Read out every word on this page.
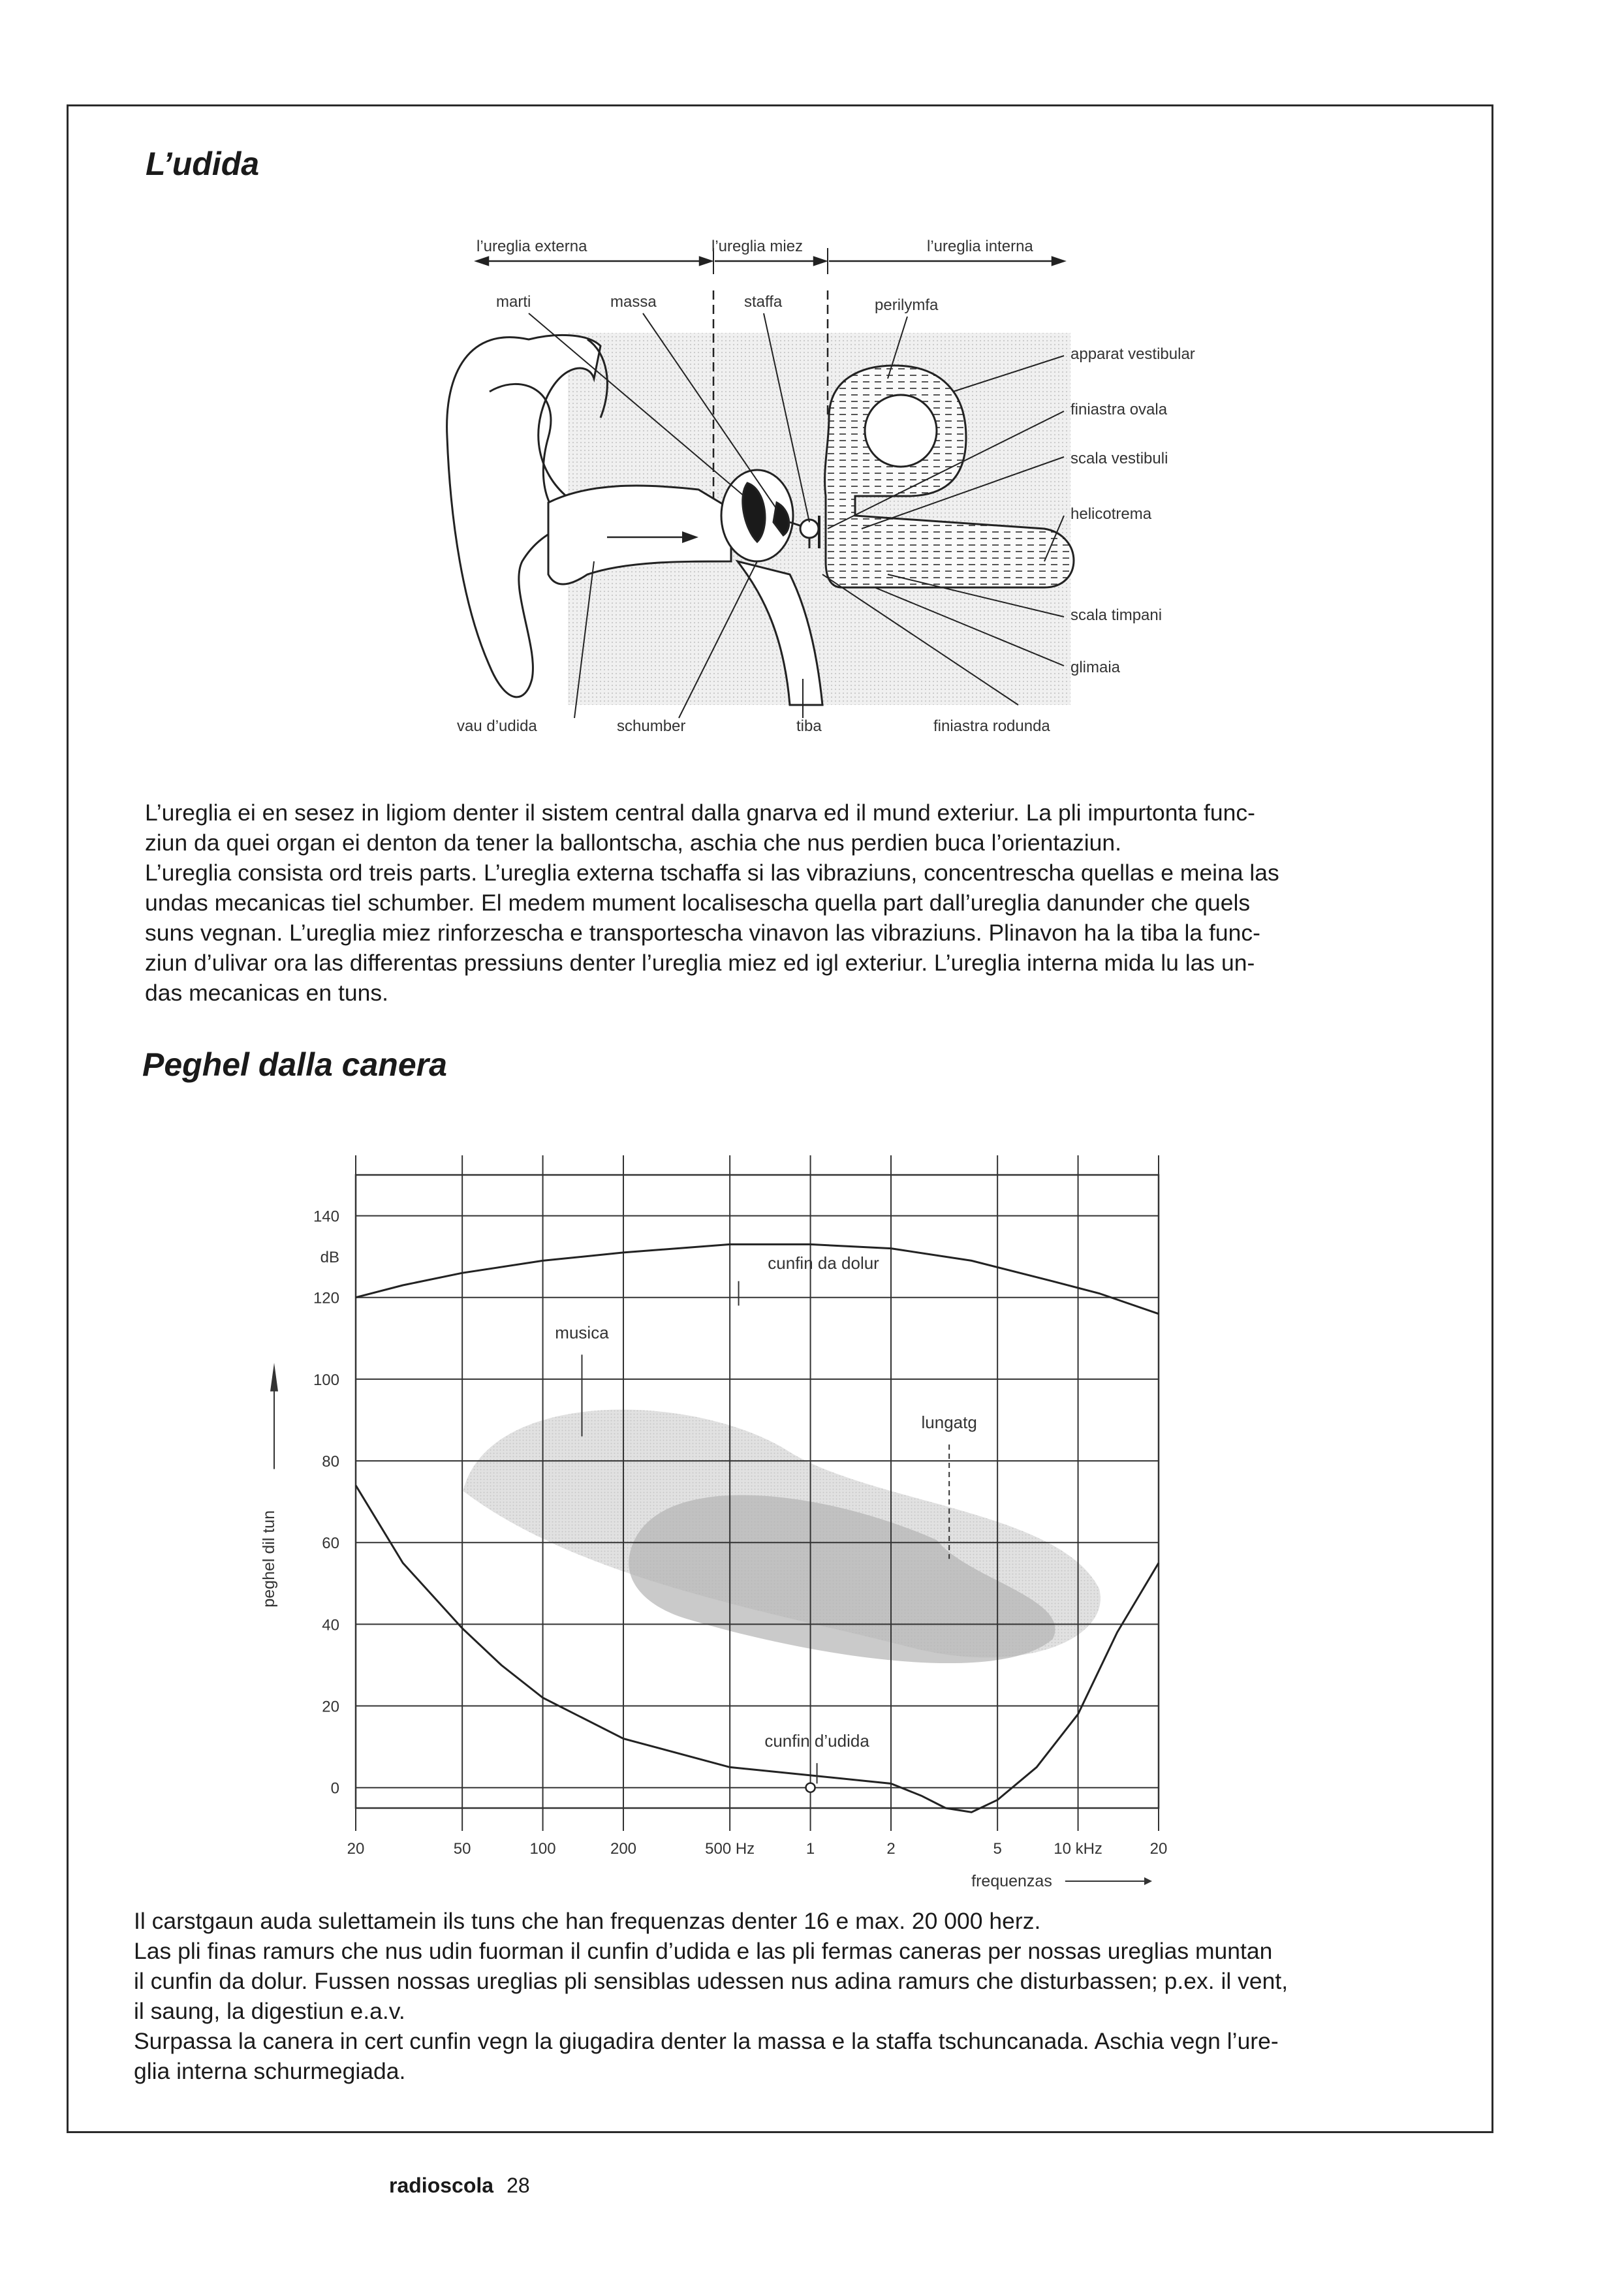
L’udida
l’ureglia externa	l’ureglia miez	l’ureglia interna
marti	massa	staffa	perilymfa
apparat vestibular
finiastra ovala
scala vestibuli
helicotrema
scala timpani
glimaia
vau d’udida	schumber	tiba	finiastra rodunda

L’ureglia ei en sesez in ligiom denter il sistem central dalla gnarva ed il mund exteriur. La pli impurtonta func-

ziun da quei organ ei denton da tener la ballontscha, aschia che nus perdien buca l’orientaziun.

L’ureglia consista ord treis parts. L’ureglia externa tschaffa si las vibraziuns, concentrescha quellas e meina las

undas mecanicas tiel schumber. El medem mument localisescha quella part dall’ureglia danunder che quels

suns vegnan. L’ureglia miez rinforzescha e transportescha vinavon las vibraziuns. Plinavon ha la tiba la func-

ziun d’ulivar ora las differentas pressiuns denter l’ureglia miez ed igl exteriur. L’ureglia interna mida lu las un-

das mecanicas en tuns.

Peghel dalla canera
0
20
40
60
80
100
120
140
dB
20	50	100	200	500 Hz	1	2	5	10 kHz	20
cunfin da dolur
cunfin d’udida
musica
lungatg
peghel dil tun
frequenzas

Il carstgaun auda sulettamein ils tuns che han frequenzas denter 16 e max. 20 000 herz.

Las pli finas ramurs che nus udin fuorman il cunfin d’udida e las pli fermas caneras per nossas ureglias muntan

il cunfin da dolur. Fussen nossas ureglias pli sensiblas udessen nus adina ramurs che disturbassen; p.ex. il vent,

il saung, la digestiun e.a.v.

Surpassa la canera in cert cunfin vegn la giugadira denter la massa e la staffa tschuncanada. Aschia vegn l’ure-

glia interna schurmegiada.

radioscola 28
